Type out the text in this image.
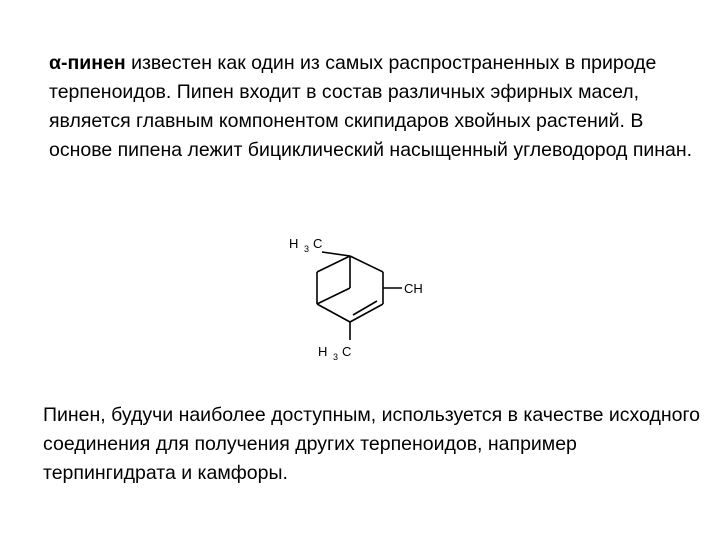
α-пинен известен как один из самых распространенных в природе терпеноидов. Пипен входит в состав различных эфирных масел, является главным компонентом скипидаров хвойных растений. В основе пипена лежит бициклический насыщенный углеводород пинан.

H 3 C
CH
H 3 C

Пинен, будучи наиболее доступным, используется в качестве исходного соединения для получения других терпеноидов, например терпингидрата и камфоры.
